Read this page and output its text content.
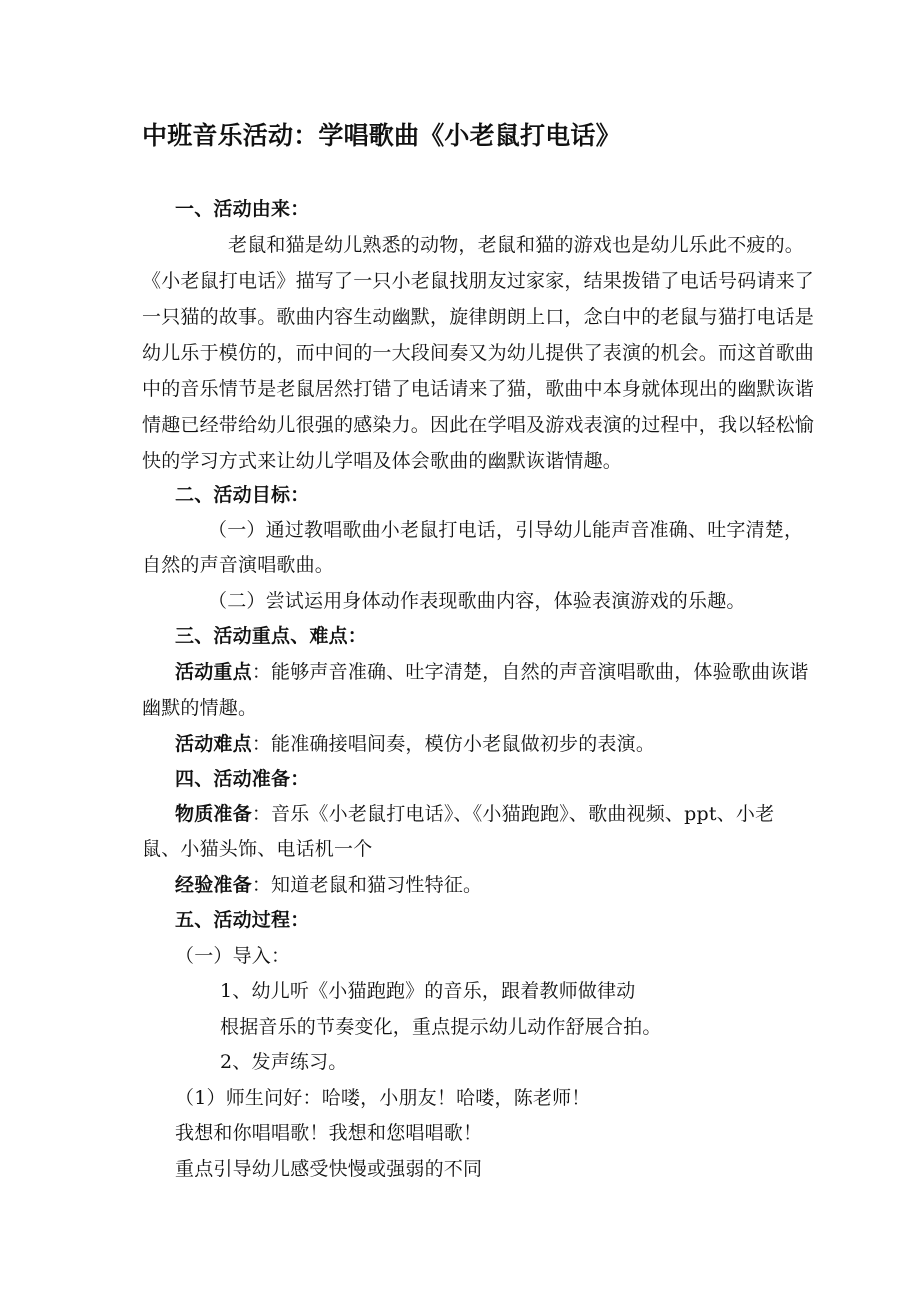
中班音乐活动：学唱歌曲《小老鼠打电话》
一、活动由来：
老鼠和猫是幼儿熟悉的动物，老鼠和猫的游戏也是幼儿乐此不疲的。
《小老鼠打电话》描写了一只小老鼠找朋友过家家，结果拨错了电话号码请来了
一只猫的故事。歌曲内容生动幽默，旋律朗朗上口，念白中的老鼠与猫打电话是
幼儿乐于模仿的，而中间的一大段间奏又为幼儿提供了表演的机会。而这首歌曲
中的音乐情节是老鼠居然打错了电话请来了猫，歌曲中本身就体现出的幽默诙谐
情趣已经带给幼儿很强的感染力。因此在学唱及游戏表演的过程中，我以轻松愉
快的学习方式来让幼儿学唱及体会歌曲的幽默诙谐情趣。
二、活动目标：
（一）通过教唱歌曲小老鼠打电话，引导幼儿能声音准确、吐字清楚，
自然的声音演唱歌曲。
（二）尝试运用身体动作表现歌曲内容，体验表演游戏的乐趣。
三、活动重点、难点：
活动重点：能够声音准确、吐字清楚，自然的声音演唱歌曲，体验歌曲诙谐
幽默的情趣。
活动难点：能准确接唱间奏，模仿小老鼠做初步的表演。
四、活动准备：
物质准备：音乐《小老鼠打电话》、《小猫跑跑》、歌曲视频、ppt、小老
鼠、小猫头饰、电话机一个
经验准备：知道老鼠和猫习性特征。
五、活动过程：
（一）导入：
1、幼儿听《小猫跑跑》的音乐，跟着教师做律动
根据音乐的节奏变化，重点提示幼儿动作舒展合拍。
2、发声练习。
（1）师生问好：哈喽，小朋友！哈喽，陈老师！
我想和你唱唱歌！我想和您唱唱歌！
重点引导幼儿感受快慢或强弱的不同
